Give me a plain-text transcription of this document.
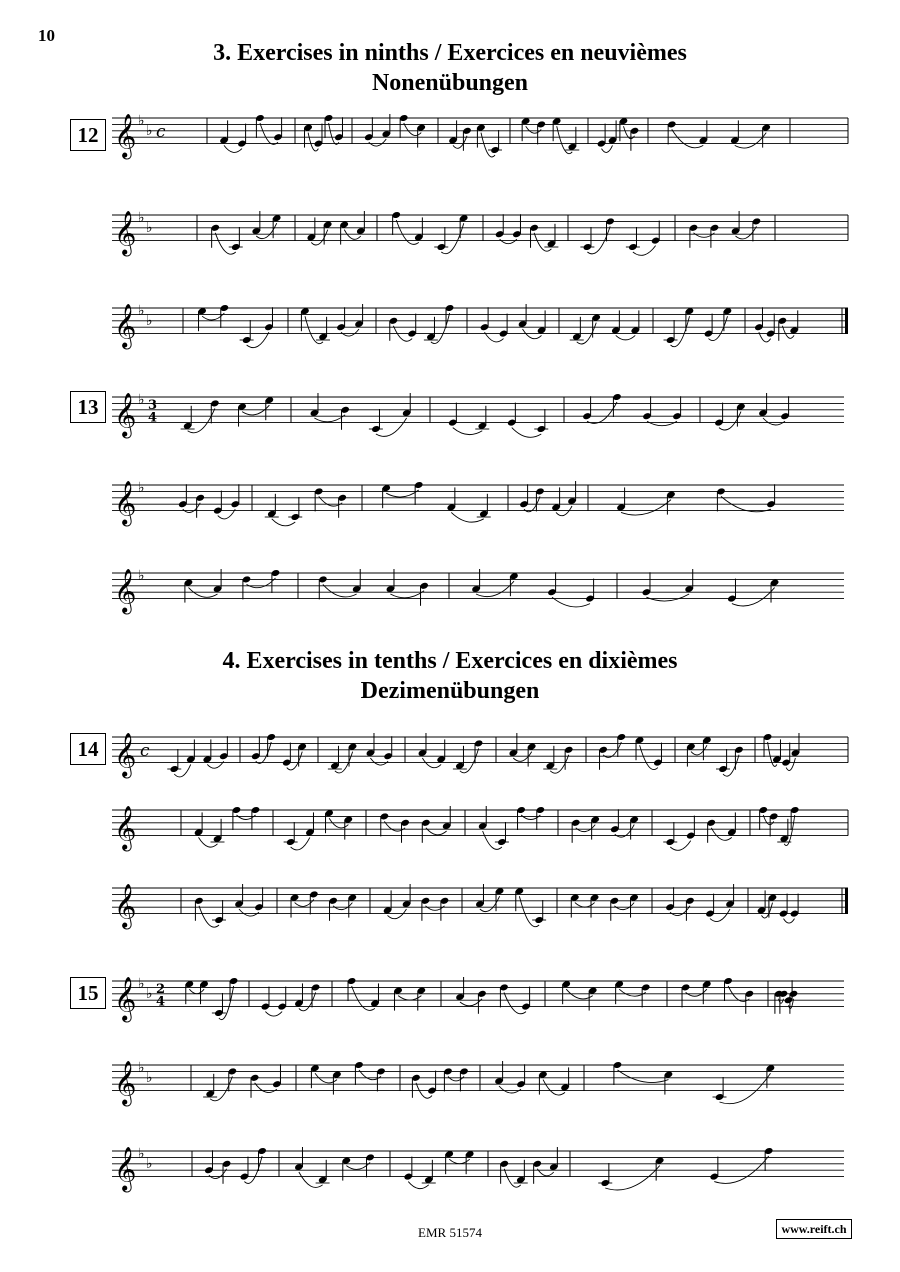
10
3. Exercises in ninths / Exercices en neuvièmes
Nonenübungen
4. Exercises in tenths / Exercices en dixièmes
Dezimenübungen
12
13
14
15
𝄞 ♭
♭ c
𝄞 ♭
♭
𝄞 ♭
♭
𝄞 ♭ 3
4
𝄞 ♭
𝄞 ♭
𝄞 c
𝄞
𝄞
𝄞 ♭
♭ 2
4
𝄞 ♭
♭
𝄞 ♭
♭
EMR 51574	www.reift.ch
